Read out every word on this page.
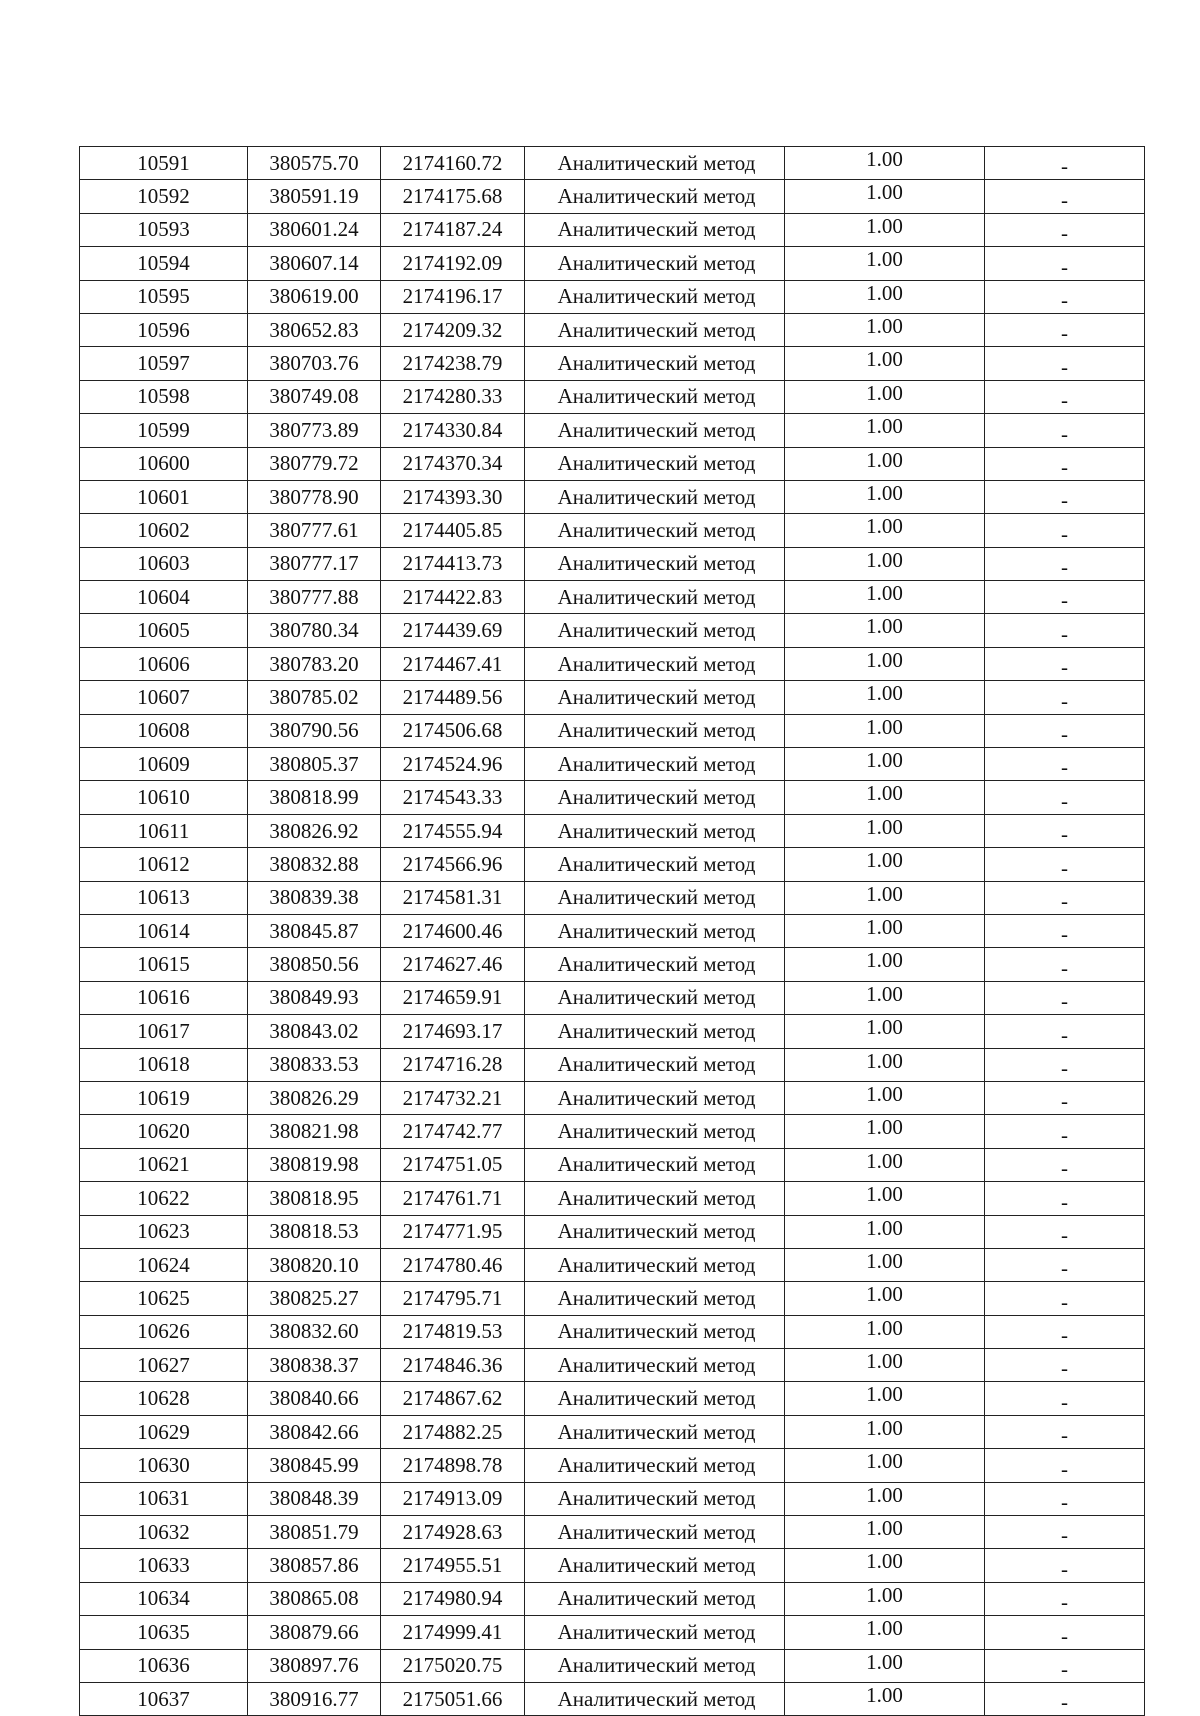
10591	380575.70	2174160.72	Аналитический метод	1.00	-
10592	380591.19	2174175.68	Аналитический метод	1.00	-
10593	380601.24	2174187.24	Аналитический метод	1.00	-
10594	380607.14	2174192.09	Аналитический метод	1.00	-
10595	380619.00	2174196.17	Аналитический метод	1.00	-
10596	380652.83	2174209.32	Аналитический метод	1.00	-
10597	380703.76	2174238.79	Аналитический метод	1.00	-
10598	380749.08	2174280.33	Аналитический метод	1.00	-
10599	380773.89	2174330.84	Аналитический метод	1.00	-
10600	380779.72	2174370.34	Аналитический метод	1.00	-
10601	380778.90	2174393.30	Аналитический метод	1.00	-
10602	380777.61	2174405.85	Аналитический метод	1.00	-
10603	380777.17	2174413.73	Аналитический метод	1.00	-
10604	380777.88	2174422.83	Аналитический метод	1.00	-
10605	380780.34	2174439.69	Аналитический метод	1.00	-
10606	380783.20	2174467.41	Аналитический метод	1.00	-
10607	380785.02	2174489.56	Аналитический метод	1.00	-
10608	380790.56	2174506.68	Аналитический метод	1.00	-
10609	380805.37	2174524.96	Аналитический метод	1.00	-
10610	380818.99	2174543.33	Аналитический метод	1.00	-
10611	380826.92	2174555.94	Аналитический метод	1.00	-
10612	380832.88	2174566.96	Аналитический метод	1.00	-
10613	380839.38	2174581.31	Аналитический метод	1.00	-
10614	380845.87	2174600.46	Аналитический метод	1.00	-
10615	380850.56	2174627.46	Аналитический метод	1.00	-
10616	380849.93	2174659.91	Аналитический метод	1.00	-
10617	380843.02	2174693.17	Аналитический метод	1.00	-
10618	380833.53	2174716.28	Аналитический метод	1.00	-
10619	380826.29	2174732.21	Аналитический метод	1.00	-
10620	380821.98	2174742.77	Аналитический метод	1.00	-
10621	380819.98	2174751.05	Аналитический метод	1.00	-
10622	380818.95	2174761.71	Аналитический метод	1.00	-
10623	380818.53	2174771.95	Аналитический метод	1.00	-
10624	380820.10	2174780.46	Аналитический метод	1.00	-
10625	380825.27	2174795.71	Аналитический метод	1.00	-
10626	380832.60	2174819.53	Аналитический метод	1.00	-
10627	380838.37	2174846.36	Аналитический метод	1.00	-
10628	380840.66	2174867.62	Аналитический метод	1.00	-
10629	380842.66	2174882.25	Аналитический метод	1.00	-
10630	380845.99	2174898.78	Аналитический метод	1.00	-
10631	380848.39	2174913.09	Аналитический метод	1.00	-
10632	380851.79	2174928.63	Аналитический метод	1.00	-
10633	380857.86	2174955.51	Аналитический метод	1.00	-
10634	380865.08	2174980.94	Аналитический метод	1.00	-
10635	380879.66	2174999.41	Аналитический метод	1.00	-
10636	380897.76	2175020.75	Аналитический метод	1.00	-
10637	380916.77	2175051.66	Аналитический метод	1.00	-
